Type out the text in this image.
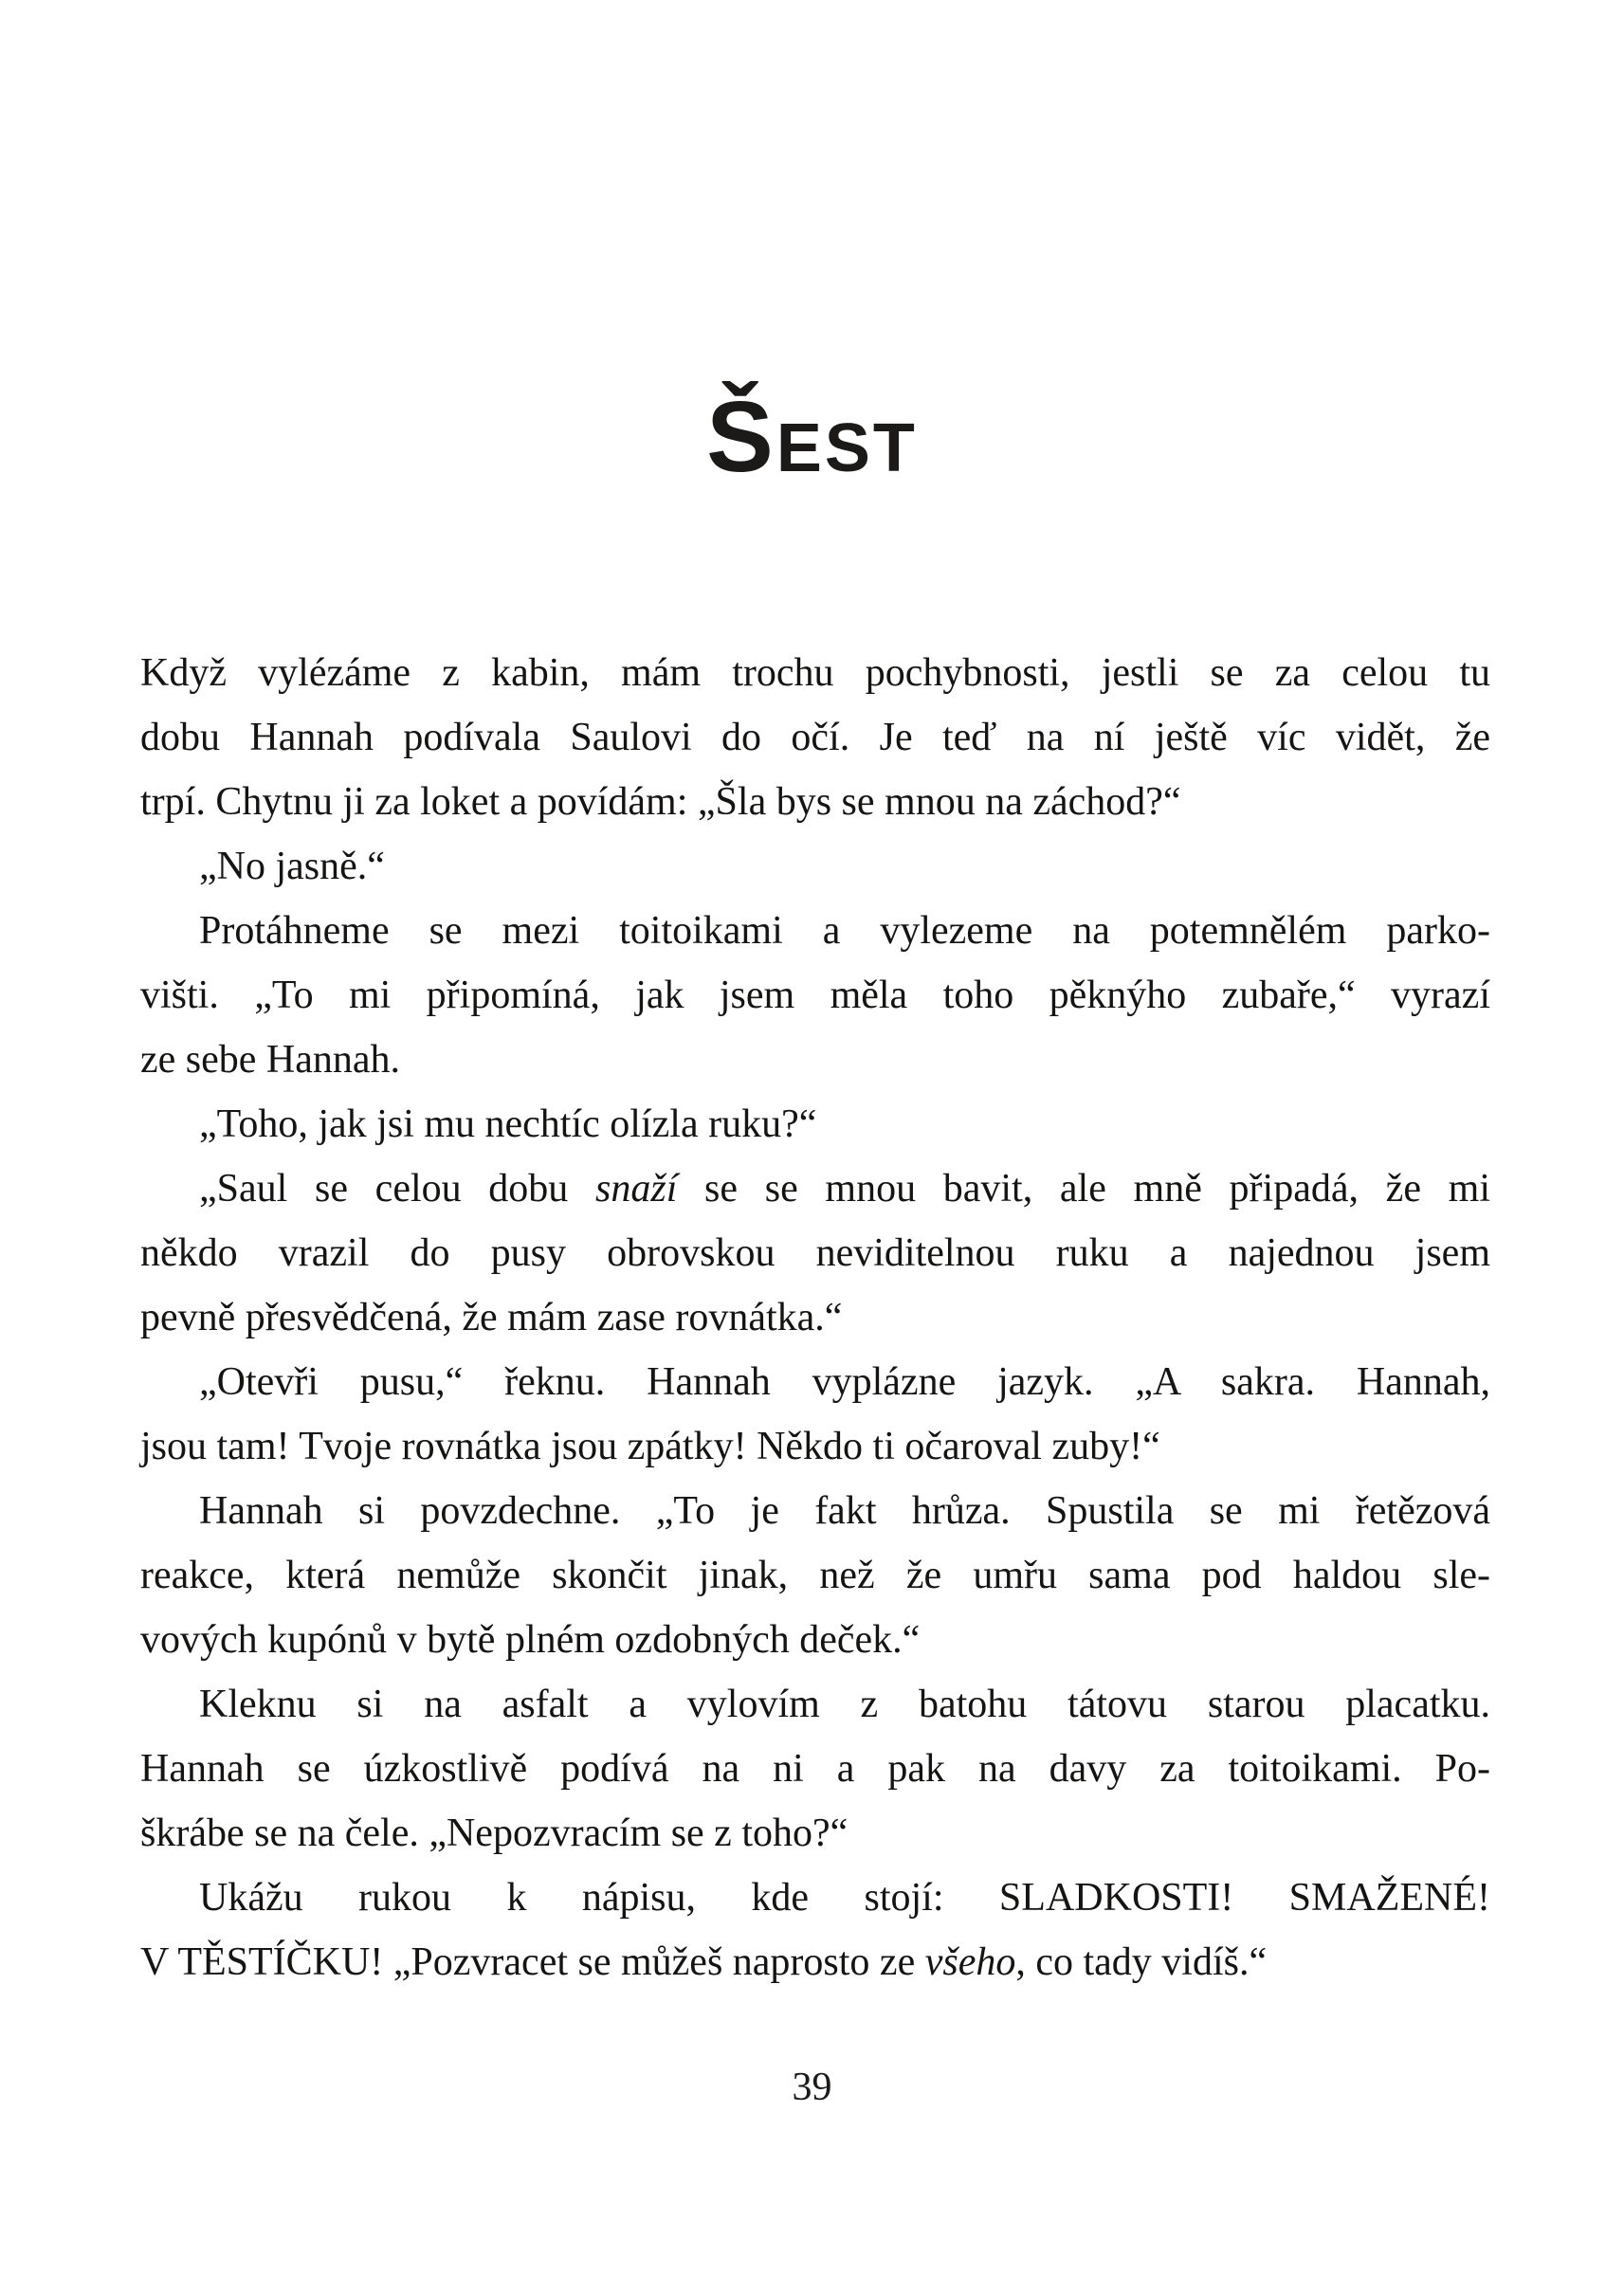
ŠEST
Když vylézáme z kabin, mám trochu pochybnosti, jestli se za celou tu
dobu Hannah podívala Saulovi do očí. Je teď na ní ještě víc vidět, že
trpí. Chytnu ji za loket a povídám: „Šla bys se mnou na záchod?“
„No jasně.“
Protáhneme se mezi toitoikami a vylezeme na potemnělém parko-
višti. „To mi připomíná, jak jsem měla toho pěknýho zubaře,“ vyrazí
ze sebe Hannah.
„Toho, jak jsi mu nechtíc olízla ruku?“
„Saul se celou dobu snaží se se mnou bavit, ale mně připadá, že mi
někdo vrazil do pusy obrovskou neviditelnou ruku a najednou jsem
pevně přesvědčená, že mám zase rovnátka.“
„Otevři pusu,“ řeknu. Hannah vyplázne jazyk. „A sakra. Hannah,
jsou tam! Tvoje rovnátka jsou zpátky! Někdo ti očaroval zuby!“
Hannah si povzdechne. „To je fakt hrůza. Spustila se mi řetězová
reakce, která nemůže skončit jinak, než že umřu sama pod haldou sle-
vových kupónů v bytě plném ozdobných deček.“
Kleknu si na asfalt a vylovím z batohu tátovu starou placatku.
Hannah se úzkostlivě podívá na ni a pak na davy za toitoikami. Po-
škrábe se na čele. „Nepozvracím se z toho?“
Ukážu rukou k nápisu, kde stojí: SLADKOSTI! SMAŽENÉ!
V TĚSTÍČKU! „Pozvracet se můžeš naprosto ze všeho, co tady vidíš.“
39
